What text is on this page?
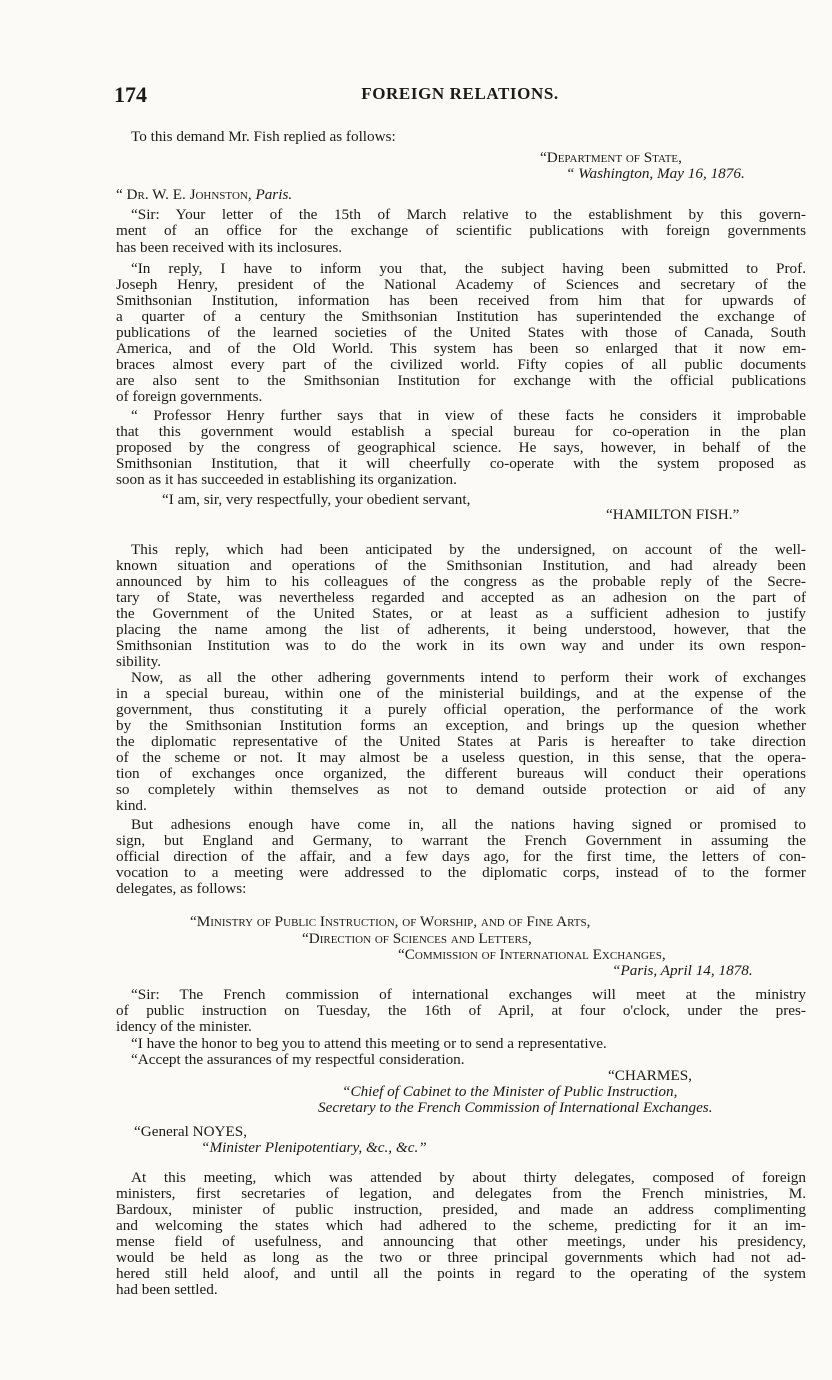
174	FOREIGN RELATIONS.
To this demand Mr. Fish replied as follows:
“Department of State,
“ Washington, May 16, 1876.
“ Dr. W. E. Johnston, Paris.
“Sir: Your letter of the 15th of March relative to the establishment by this govern-
ment of an office for the exchange of scientific publications with foreign governments
has been received with its inclosures.
“In reply, I have to inform you that, the subject having been submitted to Prof.
Joseph Henry, president of the National Academy of Sciences and secretary of the
Smithsonian Institution, information has been received from him that for upwards of
a quarter of a century the Smithsonian Institution has superintended the exchange of
publications of the learned societies of the United States with those of Canada, South
America, and of the Old World. This system has been so enlarged that it now em-
braces almost every part of the civilized world. Fifty copies of all public documents
are also sent to the Smithsonian Institution for exchange with the official publications
of foreign governments.
“ Professor Henry further says that in view of these facts he considers it improbable
that this government would establish a special bureau for co-operation in the plan
proposed by the congress of geographical science. He says, however, in behalf of the
Smithsonian Institution, that it will cheerfully co-operate with the system proposed as
soon as it has succeeded in establishing its organization.
“I am, sir, very respectfully, your obedient servant,
“HAMILTON FISH.”
This reply, which had been anticipated by the undersigned, on account of the well-
known situation and operations of the Smithsonian Institution, and had already been
announced by him to his colleagues of the congress as the probable reply of the Secre-
tary of State, was nevertheless regarded and accepted as an adhesion on the part of
the Government of the United States, or at least as a sufficient adhesion to justify
placing the name among the list of adherents, it being understood, however, that the
Smithsonian Institution was to do the work in its own way and under its own respon-
sibility.
Now, as all the other adhering governments intend to perform their work of exchanges
in a special bureau, within one of the ministerial buildings, and at the expense of the
government, thus constituting it a purely official operation, the performance of the work
by the Smithsonian Institution forms an exception, and brings up the quesion whether
the diplomatic representative of the United States at Paris is hereafter to take direction
of the scheme or not. It may almost be a useless question, in this sense, that the opera-
tion of exchanges once organized, the different bureaus will conduct their operations
so completely within themselves as not to demand outside protection or aid of any
kind.
But adhesions enough have come in, all the nations having signed or promised to
sign, but England and Germany, to warrant the French Government in assuming the
official direction of the affair, and a few days ago, for the first time, the letters of con-
vocation to a meeting were addressed to the diplomatic corps, instead of to the former
delegates, as follows:
“Ministry of Public Instruction, of Worship, and of Fine Arts,
“Direction of Sciences and Letters,
“Commission of International Exchanges,
“Paris, April 14, 1878.
“Sir: The French commission of international exchanges will meet at the ministry
of public instruction on Tuesday, the 16th of April, at four o'clock, under the pres-
idency of the minister.
“I have the honor to beg you to attend this meeting or to send a representative.
“Accept the assurances of my respectful consideration.
“CHARMES,
“Chief of Cabinet to the Minister of Public Instruction,
Secretary to the French Commission of International Exchanges.
“General NOYES,
“Minister Plenipotentiary, &c., &c.”
At this meeting, which was attended by about thirty delegates, composed of foreign
ministers, first secretaries of legation, and delegates from the French ministries, M.
Bardoux, minister of public instruction, presided, and made an address complimenting
and welcoming the states which had adhered to the scheme, predicting for it an im-
mense field of usefulness, and announcing that other meetings, under his presidency,
would be held as long as the two or three principal governments which had not ad-
hered still held aloof, and until all the points in regard to the operating of the system
had been settled.
